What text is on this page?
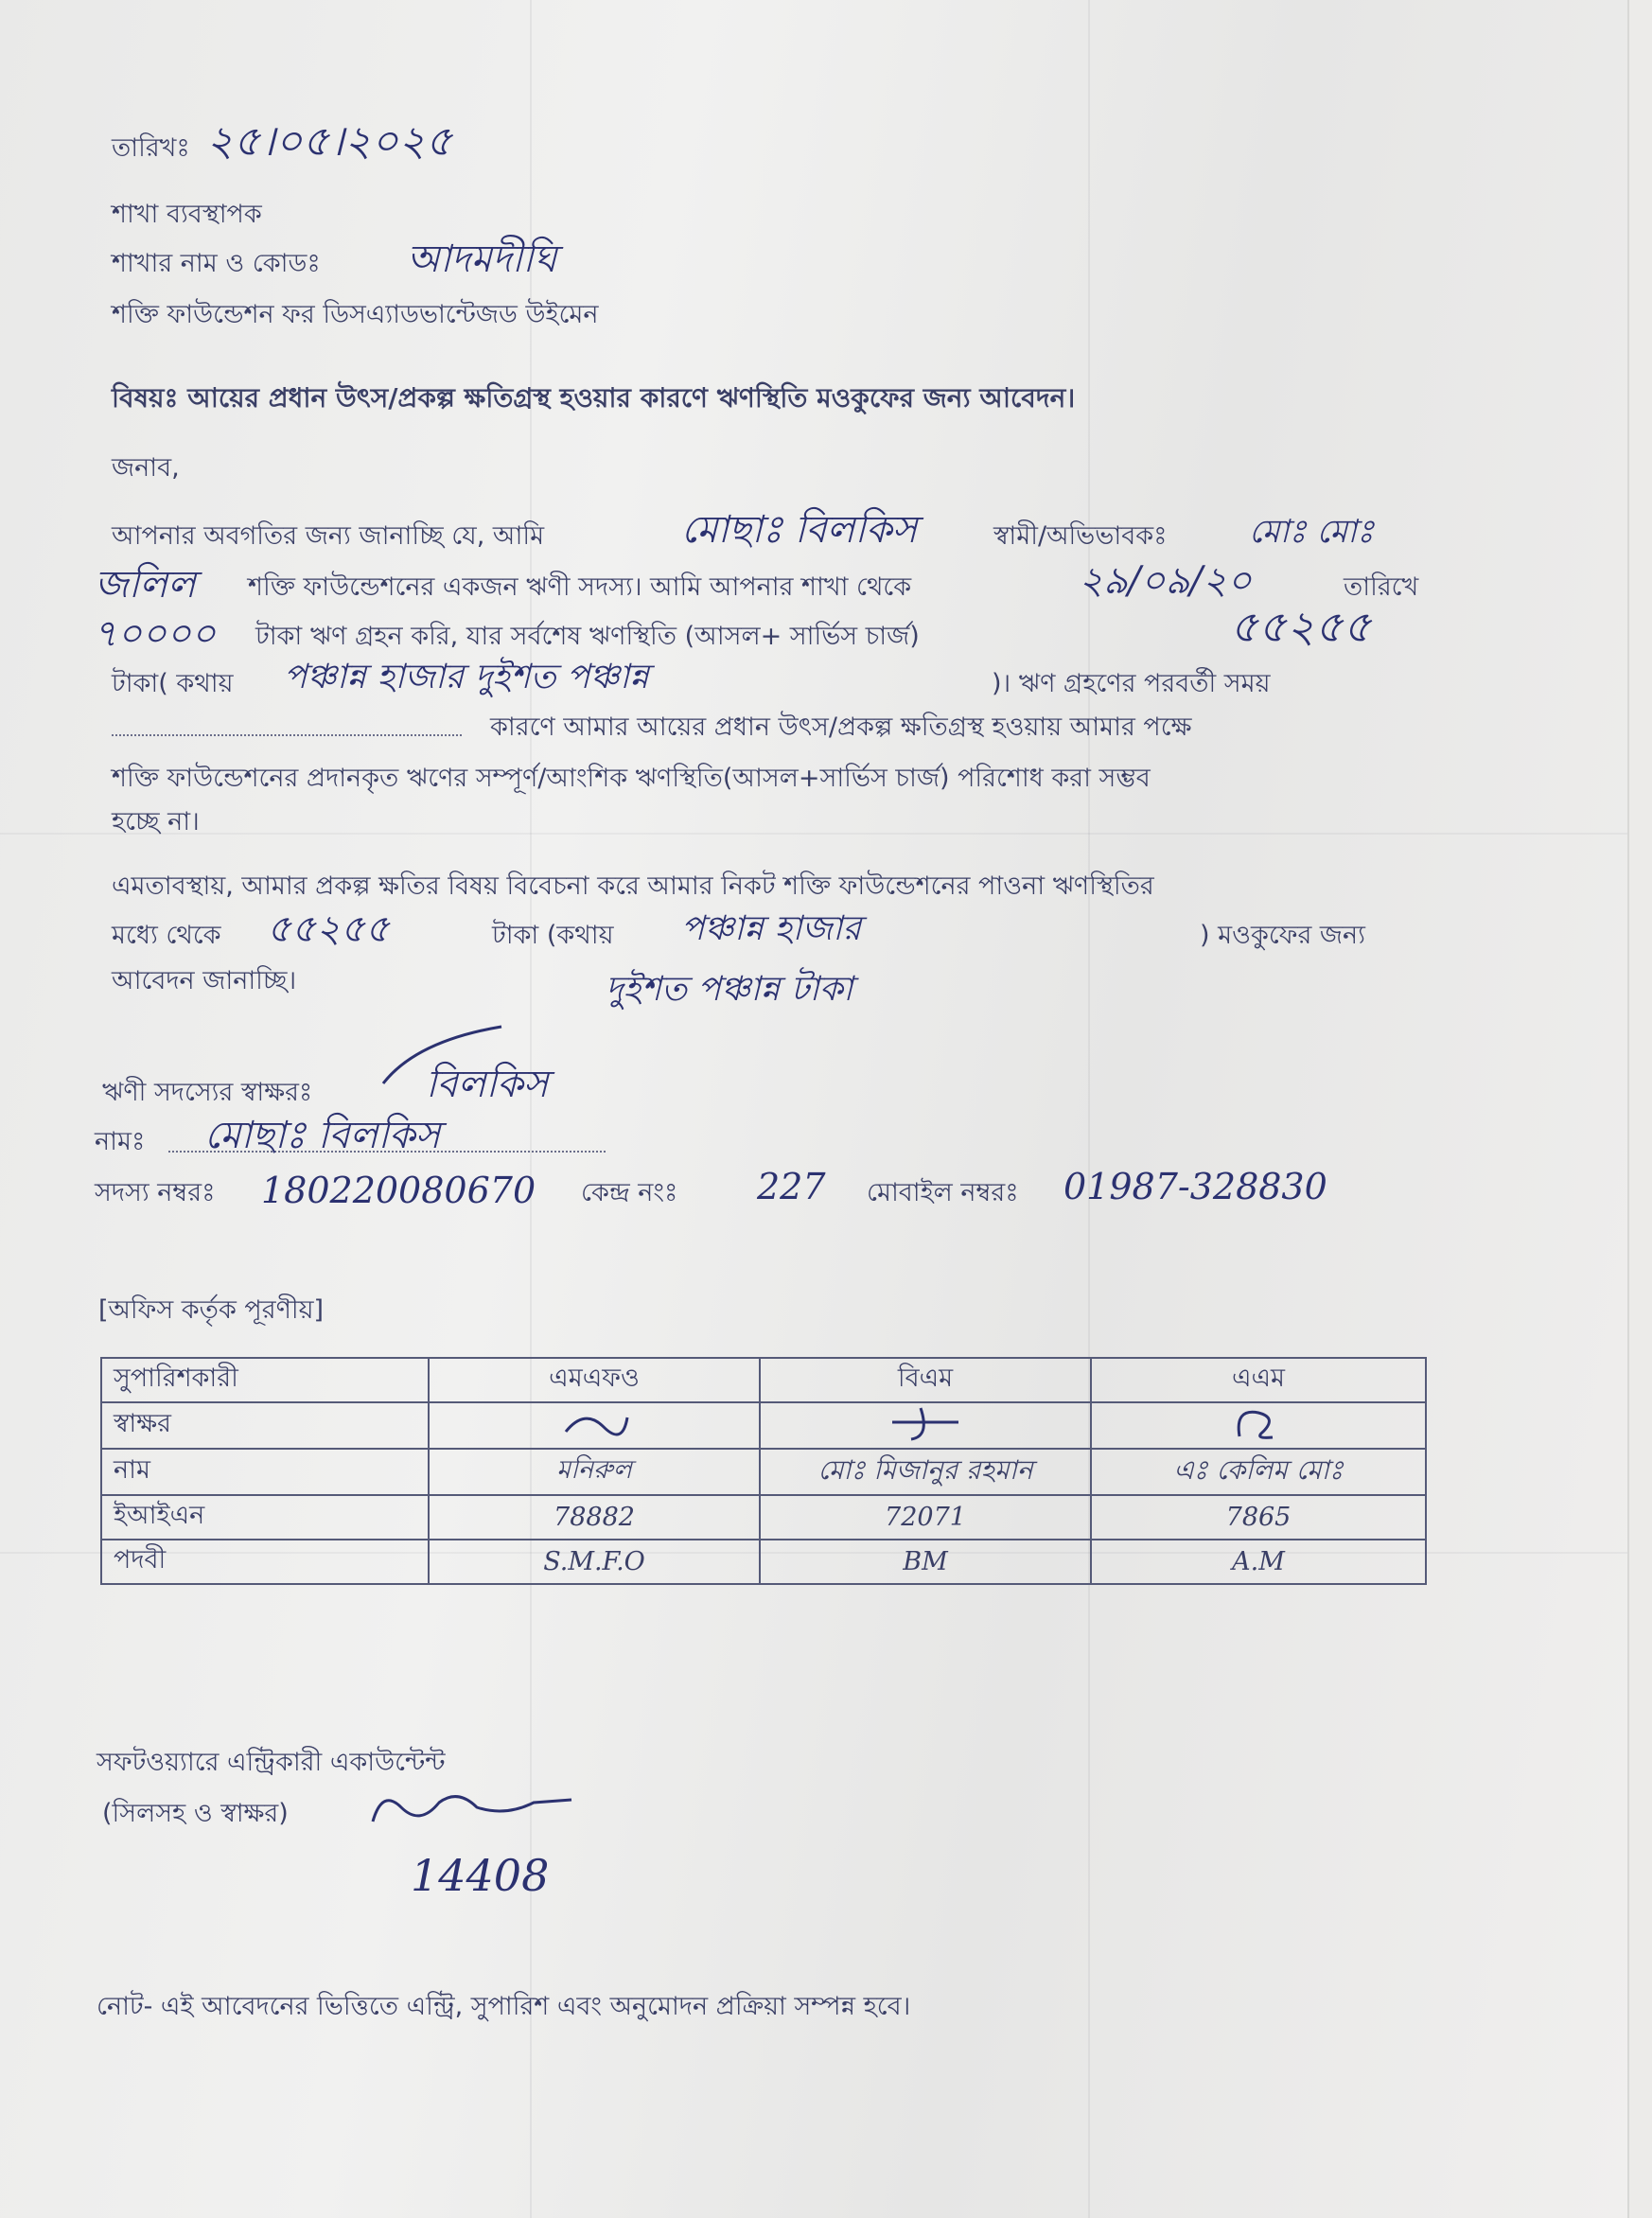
তারিখঃ ২৫।০৫।২০২৫
শাখা ব্যবস্থাপক
শাখার নাম ও কোডঃ আদমদীঘি
শক্তি ফাউন্ডেশন ফর ডিসএ্যাডভান্টেজড উইমেন
বিষয়ঃ আয়ের প্রধান উৎস/প্রকল্প ক্ষতিগ্রস্থ হওয়ার কারণে ঋণস্থিতি মওকুফের জন্য আবেদন।
জনাব,
আপনার অবগতির জন্য জানাচ্ছি যে, আমি	মোছাঃ বিলকিস	স্বামী/অভিভাবকঃ	মোঃ মোঃ
জলিল শক্তি ফাউন্ডেশনের একজন ঋণী সদস্য। আমি আপনার শাখা থেকে	২৯/০৯/২০	তারিখে
৭০০০০ টাকা ঋণ গ্রহন করি, যার সর্বশেষ ঋণস্থিতি (আসল+ সার্ভিস চার্জ)	৫৫২৫৫
টাকা( কথায় পঞ্চান্ন হাজার দুইশত পঞ্চান্ন	)। ঋণ গ্রহণের পরবর্তী সময়
কারণে আমার আয়ের প্রধান উৎস/প্রকল্প ক্ষতিগ্রস্থ হওয়ায় আমার পক্ষে
শক্তি ফাউন্ডেশনের প্রদানকৃত ঋণের সম্পূর্ণ/আংশিক ঋণস্থিতি(আসল+সার্ভিস চার্জ) পরিশোধ করা সম্ভব
হচ্ছে না।
এমতাবস্থায়, আমার প্রকল্প ক্ষতির বিষয় বিবেচনা করে আমার নিকট শক্তি ফাউন্ডেশনের পাওনা ঋণস্থিতির
মধ্যে থেকে ৫৫২৫৫	টাকা (কথায় পঞ্চান্ন হাজার	) মওকুফের জন্য
আবেদন জানাচ্ছি।	দুইশত পঞ্চান্ন টাকা
ঋণী সদস্যের স্বাক্ষরঃ	বিলকিস
নামঃ মোছাঃ বিলকিস
সদস্য নম্বরঃ 180220080670 কেন্দ্র নংঃ 227 মোবাইল নম্বরঃ 01987-328830
[অফিস কর্তৃক পূরণীয়]
সুপারিশকারী	এমএফও	বিএম	এএম
স্বাক্ষর			
নাম	মনিরুল	মোঃ মিজানুর রহমান	এঃ কেলিম মোঃ
ইআইএন	78882	72071	7865
পদবী	S.M.F.O	BM	A.M
সফটওয়্যারে এন্ট্রিকারী একাউন্টেন্ট
(সিলসহ ও স্বাক্ষর)
14408
নোট- এই আবেদনের ভিত্তিতে এন্ট্রি, সুপারিশ এবং অনুমোদন প্রক্রিয়া সম্পন্ন হবে।
